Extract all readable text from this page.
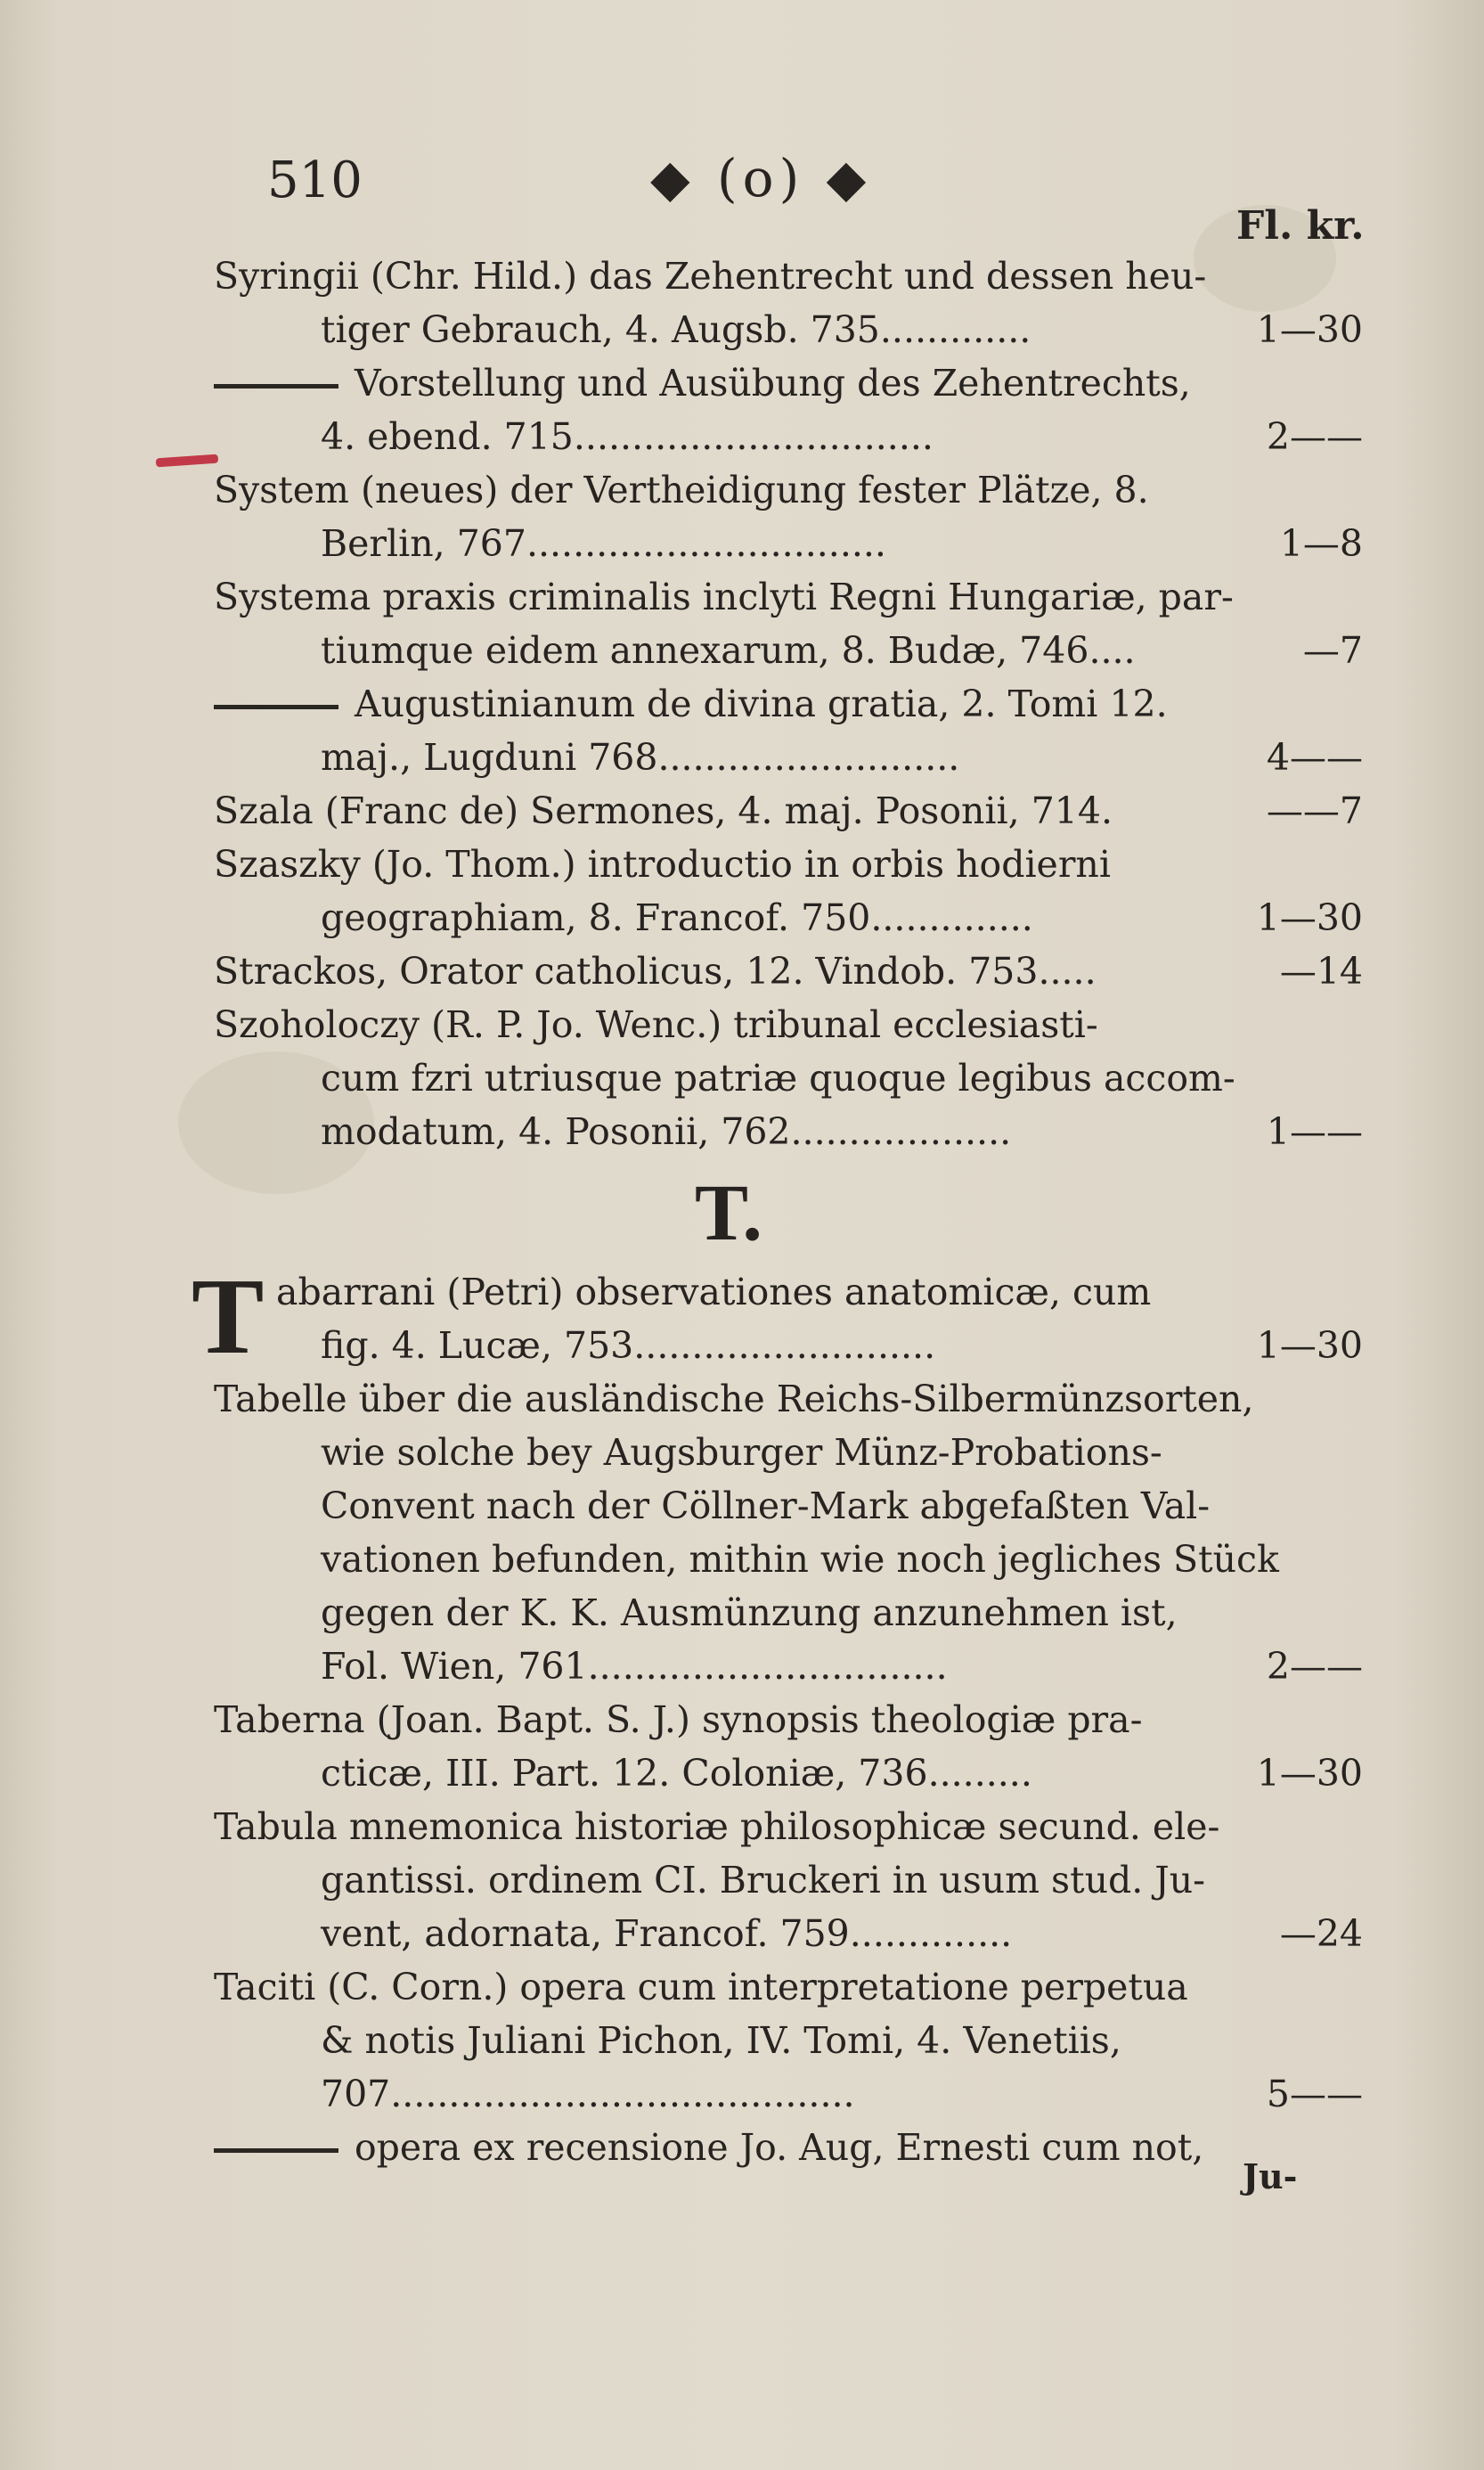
510	◆ (o) ◆
Fl. kr.
Syringii (Chr. Hild.) das Zehentrecht und dessen heu-
tiger Gebrauch, 4. Augsb. 735.............	1—30
Vorstellung und Ausübung des Zehentrechts,
4. ebend. 715...............................	2——
System (neues) der Vertheidigung fester Plätze, 8.
Berlin, 767...............................	1—8
Systema praxis criminalis inclyti Regni Hungariæ, par-
tiumque eidem annexarum, 8. Budæ, 746....	—7
Augustinianum de divina gratia, 2. Tomi 12.
maj., Lugduni 768..........................	4——
Szala (Franc de) Sermones, 4. maj. Posonii, 714.	——7
Szaszky (Jo. Thom.) introductio in orbis hodierni
geographiam, 8. Francof. 750..............	1—30
Strackos, Orator catholicus, 12. Vindob. 753.....	—14
Szoholoczy (R. P. Jo. Wenc.) tribunal ecclesiasti-
cum fzri utriusque patriæ quoque legibus accom-
modatum, 4. Posonii, 762...................	1——
T.
T abarrani (Petri) observationes anatomicæ, cum
fig. 4. Lucæ, 753..........................	1—30
Tabelle über die ausländische Reichs-Silbermünzsorten,
wie solche bey Augsburger Münz-Probations-
Convent nach der Cöllner-Mark abgefaßten Val-
vationen befunden, mithin wie noch jegliches Stück
gegen der K. K. Ausmünzung anzunehmen ist,
Fol. Wien, 761...............................	2——
Taberna (Joan. Bapt. S. J.) synopsis theologiæ pra-
cticæ, III. Part. 12. Coloniæ, 736.........	1—30
Tabula mnemonica historiæ philosophicæ secund. ele-
gantissi. ordinem CI. Bruckeri in usum stud. Ju-
vent, adornata, Francof. 759..............	—24
Taciti (C. Corn.) opera cum interpretatione perpetua
& notis Juliani Pichon, IV. Tomi, 4. Venetiis,
707........................................	5——
opera ex recensione Jo. Aug, Ernesti cum not,
Ju-
